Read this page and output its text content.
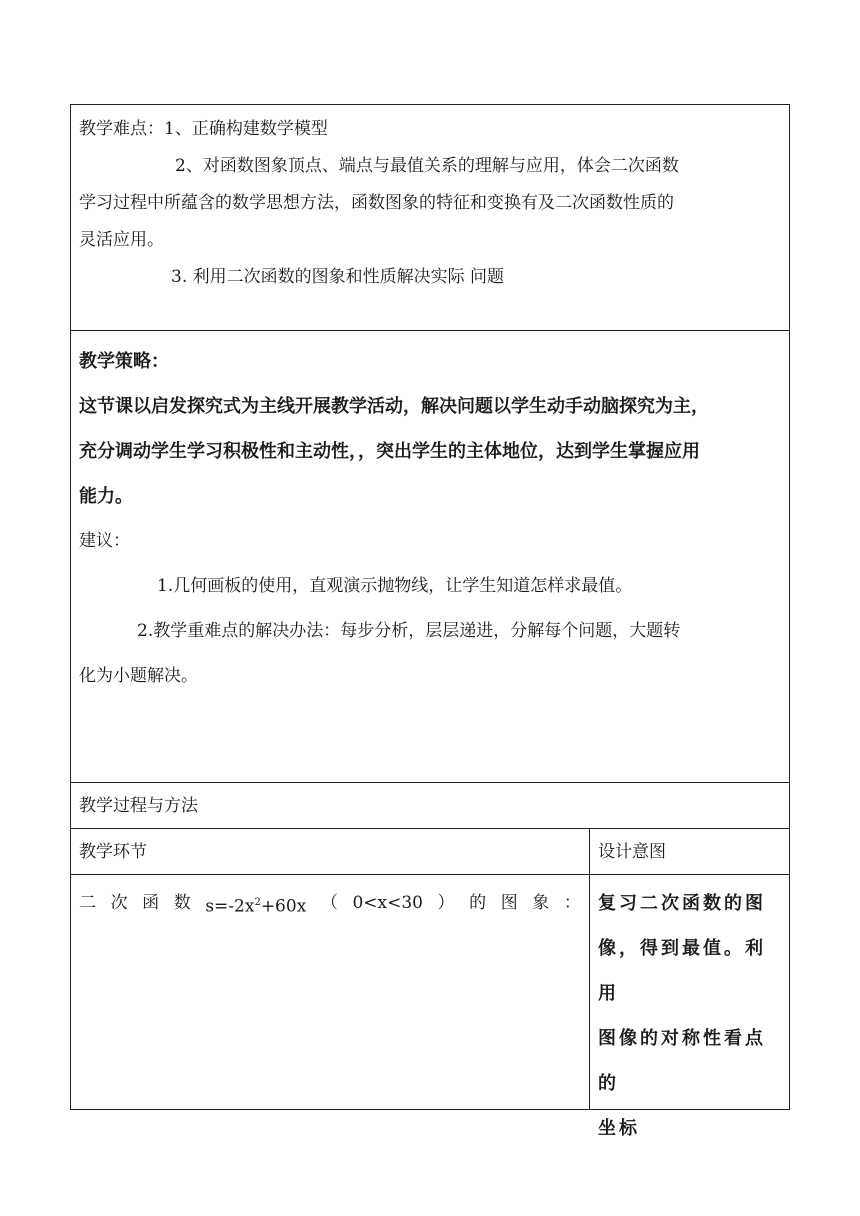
教学难点：1、正确构建数学模型
2、对函数图象顶点、端点与最值关系的理解与应用，体会二次函数
学习过程中所蕴含的数学思想方法，函数图象的特征和变换有及二次函数性质的
灵活应用。
3. 利用二次函数的图象和性质解决实际 问题
教学策略：
这节课以启发探究式为主线开展教学活动，解决问题以学生动手动脑探究为主，
充分调动学生学习积极性和主动性，，突出学生的主体地位，达到学生掌握应用
能力。
建议：
1.几何画板的使用，直观演示抛物线，让学生知道怎样求最值。
2.教学重难点的解决办法：每步分析，层层递进，分解每个问题，大题转
化为小题解决。
教学过程与方法
教学环节	设计意图
二 次 函 数 $s=-2x^2+60x$ （ 0<x<30 ） 的 图 象 ： 复习二次函数的图
像，得到最值。利用
图像的对称性看点的
坐标
